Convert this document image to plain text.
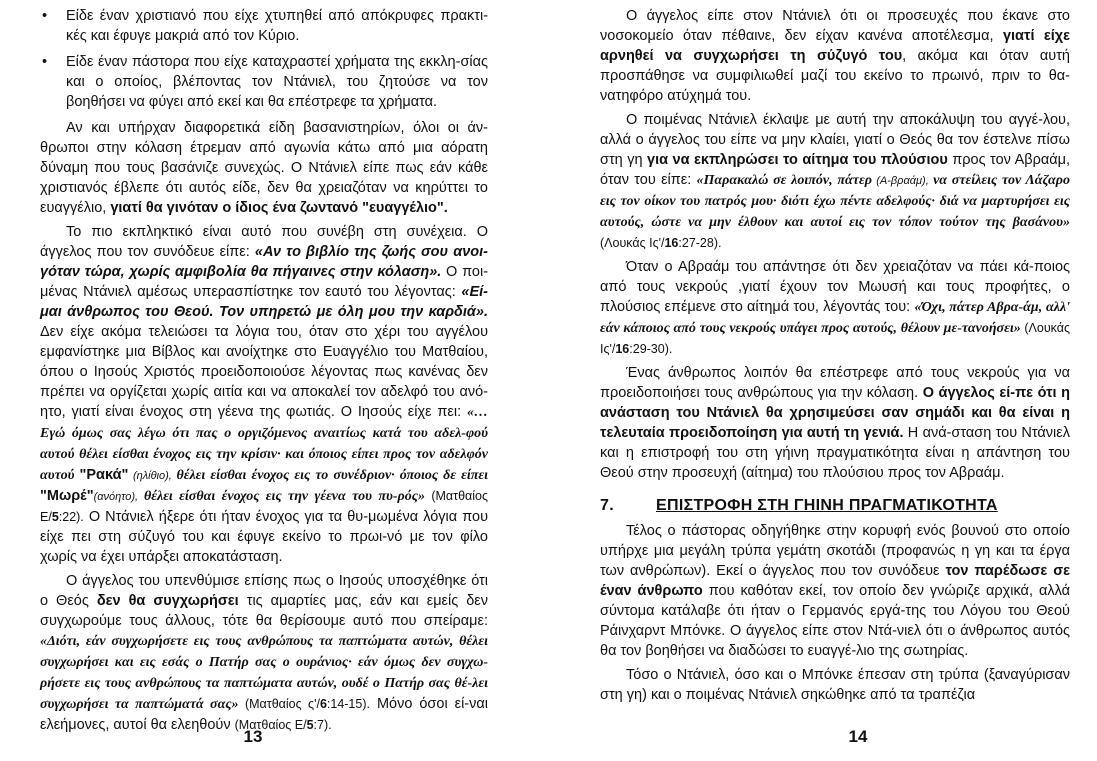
• Είδε έναν χριστιανό που είχε χτυπηθεί από απόκρυφες πρακτι-κές και έφυγε μακριά από τον Κύριο.
• Είδε έναν πάστορα που είχε καταχραστεί χρήματα της εκκλη-σίας και ο οποίος, βλέποντας τον Ντάνιελ, του ζητούσε να τον βοηθήσει να φύγει από εκεί και θα επέστρεφε τα χρήματα.

Αν και υπήρχαν διαφορετικά είδη βασανιστηρίων, όλοι οι άν-θρωποι στην κόλαση έτρεμαν από αγωνία κάτω από μια αόρατη δύναμη που τους βασάνιζε συνεχώς. Ο Ντάνιελ είπε πως εάν κάθε χριστιανός έβλεπε ότι αυτός είδε, δεν θα χρειαζόταν να κηρύττει το ευαγγέλιο, γιατί θα γινόταν ο ίδιος ένα ζωντανό "ευαγγέλιο".

Το πιο εκπληκτικό είναι αυτό που συνέβη στη συνέχεια. Ο άγγελος που τον συνόδευε είπε: «Αν το βιβλίο της ζωής σου ανοι-γόταν τώρα, χωρίς αμφιβολία θα πήγαινες στην κόλαση». Ο ποι-μένας Ντάνιελ αμέσως υπερασπίστηκε τον εαυτό του λέγοντας: «Εί-μαι άνθρωπος του Θεού. Τον υπηρετώ με όλη μου την καρδιά». Δεν είχε ακόμα τελειώσει τα λόγια του, όταν στο χέρι του αγγέλου εμφανίστηκε μια Βίβλος και ανοίχτηκε στο Ευαγγέλιο του Ματθαίου, όπου ο Ιησούς Χριστός προειδοποιούσε λέγοντας πως κανένας δεν πρέπει να οργίζεται χωρίς αιτία και να αποκαλεί τον αδελφό του ανό-ητο, γιατί είναι ένοχος στη γέενα της φωτιάς. Ο Ιησούς είχε πει: «…Εγώ όμως σας λέγω ότι πας ο οργιζόμενος αναιτίως κατά του αδελ-φού αυτού θέλει είσθαι ένοχος εις την κρίσιν· και όποιος είπει προς τον αδελφόν αυτού "Ρακά" (ηλίθιο), θέλει είσθαι ένοχος εις το συνέδριον· όποιος δε είπει "Μωρέ"(ανόητο), θέλει είσθαι ένοχος εις την γέενα του πυ-ρός» (Ματθαίος Ε/5:22). Ο Ντάνιελ ήξερε ότι ήταν ένοχος για τα θυ-μωμένα λόγια που είχε πει στη σύζυγό του και έφυγε εκείνο το πρωι-νό με τον φίλο χωρίς να έχει υπάρξει αποκατάσταση.

Ο άγγελος του υπενθύμισε επίσης πως ο Ιησούς υποσχέθηκε ότι ο Θεός δεν θα συγχωρήσει τις αμαρτίες μας, εάν και εμείς δεν συγχωρούμε τους άλλους, τότε θα θερίσουμε αυτό που σπείραμε: «Διότι, εάν συγχωρήσετε εις τους ανθρώπους τα παπτώματα αυτών, θέλει συγχωρήσει και εις εσάς ο Πατήρ σας ο ουράνιος· εάν όμως δεν συγχω-ρήσετε εις τους ανθρώπους τα παπτώματα αυτών, ουδέ ο Πατήρ σας θέ-λει συγχωρήσει τα παπτώματά σας» (Ματθαίος ς'/6:14-15). Μόνο όσοι εί-ναι ελεήμονες, αυτοί θα ελεηθούν (Ματθαίος Ε/5:7).

13

Ο άγγελος είπε στον Ντάνιελ ότι οι προσευχές που έκανε στο νοσοκομείο όταν πέθαινε, δεν είχαν κανένα αποτέλεσμα, γιατί είχε αρνηθεί να συγχωρήσει τη σύζυγό του, ακόμα και όταν αυτή προσπάθησε να συμφιλιωθεί μαζί του εκείνο το πρωινό, πριν το θα-νατηφόρο ατύχημά του.

Ο ποιμένας Ντάνιελ έκλαψε με αυτή την αποκάλυψη του αγγέ-λου, αλλά ο άγγελος του είπε να μην κλαίει, γιατί ο Θεός θα τον έστελνε πίσω στη γη για να εκπληρώσει το αίτημα του πλούσιου προς τον Αβραάμ, όταν του είπε: «Παρακαλώ σε λοιπόν, πάτερ (Α-βραάμ), να στείλεις τον Λάζαρο εις τον οίκον του πατρός μου· διότι έχω πέντε αδελφούς· διά να μαρτυρήσει εις αυτούς, ώστε να μην έλθουν και αυτοί εις τον τόπον τούτον της βασάνου» (Λουκάς Ις'/16:27-28).

Όταν ο Αβραάμ του απάντησε ότι δεν χρειαζόταν να πάει κά-ποιος από τους νεκρούς ,γιατί έχουν τον Μωυσή και τους προφήτες, ο πλούσιος επέμενε στο αίτημά του, λέγοντάς του: «Όχι, πάτερ Αβρα-άμ, αλλ' εάν κάποιος από τους νεκρούς υπάγει προς αυτούς, θέλουν με-τανοήσει» (Λουκάς Ις'/16:29-30).

Ένας άνθρωπος λοιπόν θα επέστρεφε από τους νεκρούς για να προειδοποιήσει τους ανθρώπους για την κόλαση. Ο άγγελος εί-πε ότι η ανάσταση του Ντάνιελ θα χρησιμεύσει σαν σημάδι και θα είναι η τελευταία προειδοποίηση για αυτή τη γενιά. Η ανά-σταση του Ντάνιελ και η επιστροφή του στη γήινη πραγματικότητα είναι η απάντηση του Θεού στην προσευχή (αίτημα) του πλούσιου προς τον Αβραάμ.

7.	ΕΠΙΣΤΡΟΦΗ ΣΤΗ ΓΗΙΝΗ ΠΡΑΓΜΑΤΙΚΟΤΗΤΑ

Τέλος ο πάστορας οδηγήθηκε στην κορυφή ενός βουνού στο οποίο υπήρχε μια μεγάλη τρύπα γεμάτη σκοτάδι (προφανώς η γη και τα έργα των ανθρώπων). Εκεί ο άγγελος που τον συνόδευε τον παρέδωσε σε έναν άνθρωπο που καθόταν εκεί, τον οποίο δεν γνώριζε αρχικά, αλλά σύντομα κατάλαβε ότι ήταν ο Γερμανός εργά-της του Λόγου του Θεού Ράινχαρντ Μπόνκε. Ο άγγελος είπε στον Ντά-νιελ ότι ο άνθρωπος αυτός θα τον βοηθήσει να διαδώσει το ευαγγέ-λιο της σωτηρίας.

Τόσο ο Ντάνιελ, όσο και ο Μπόνκε έπεσαν στη τρύπα (ξαναγύρισαν στη γη) και ο ποιμένας Ντάνιελ σηκώθηκε από τα τραπέζια

14
